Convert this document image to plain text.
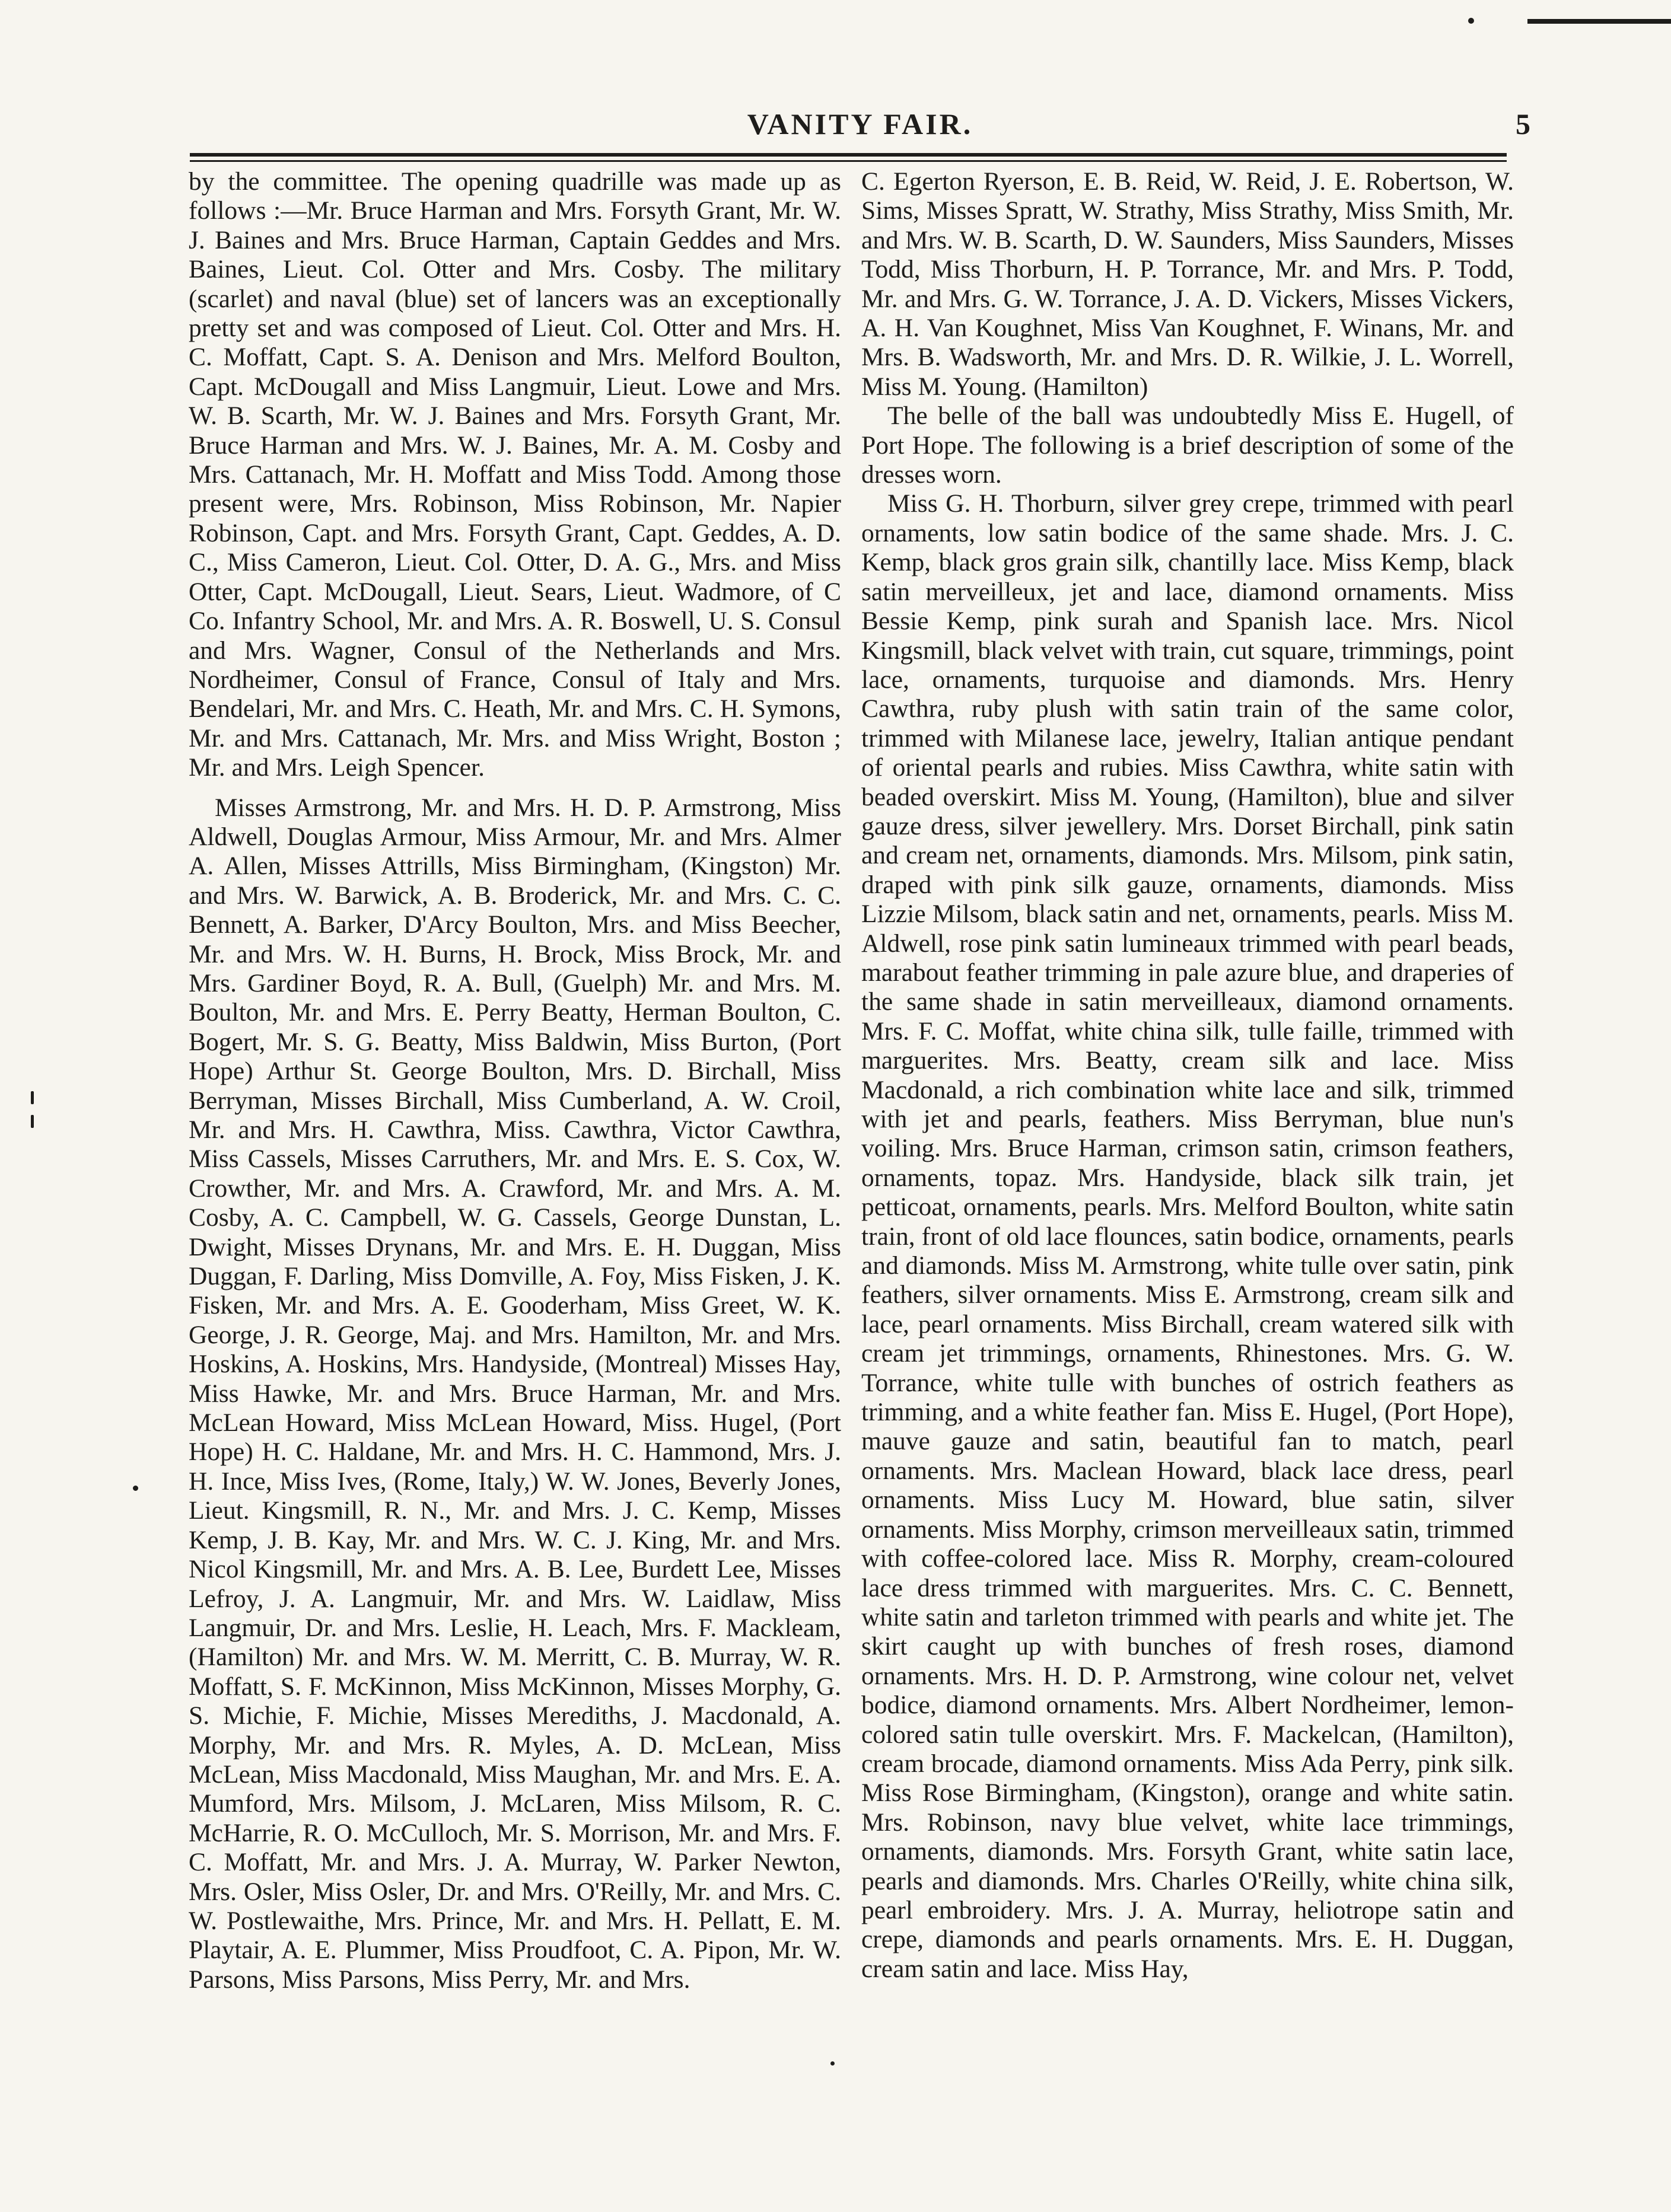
VANITY FAIR.	5

by the committee. The opening quadrille was made up as follows :—Mr. Bruce Harman and Mrs. Forsyth Grant, Mr. W. J. Baines and Mrs. Bruce Harman, Captain Geddes and Mrs. Baines, Lieut. Col. Otter and Mrs. Cosby. The military (scarlet) and naval (blue) set of lancers was an exceptionally pretty set and was composed of Lieut. Col. Otter and Mrs. H. C. Moffatt, Capt. S. A. Denison and Mrs. Melford Boulton, Capt. McDougall and Miss Langmuir, Lieut. Lowe and Mrs. W. B. Scarth, Mr. W. J. Baines and Mrs. Forsyth Grant, Mr. Bruce Harman and Mrs. W. J. Baines, Mr. A. M. Cosby and Mrs. Cattanach, Mr. H. Moffatt and Miss Todd. Among those present were, Mrs. Robinson, Miss Robinson, Mr. Napier Robinson, Capt. and Mrs. Forsyth Grant, Capt. Geddes, A. D. C., Miss Cameron, Lieut. Col. Otter, D. A. G., Mrs. and Miss Otter, Capt. McDougall, Lieut. Sears, Lieut. Wadmore, of C Co. Infantry School, Mr. and Mrs. A. R. Boswell, U. S. Consul and Mrs. Wagner, Consul of the Netherlands and Mrs. Nordheimer, Consul of France, Consul of Italy and Mrs. Bendelari, Mr. and Mrs. C. Heath, Mr. and Mrs. C. H. Symons, Mr. and Mrs. Cattanach, Mr. Mrs. and Miss Wright, Boston ; Mr. and Mrs. Leigh Spencer.

Misses Armstrong, Mr. and Mrs. H. D. P. Armstrong, Miss Aldwell, Douglas Armour, Miss Armour, Mr. and Mrs. Almer A. Allen, Misses Attrills, Miss Birmingham, (Kingston) Mr. and Mrs. W. Barwick, A. B. Broderick, Mr. and Mrs. C. C. Bennett, A. Barker, D'Arcy Boulton, Mrs. and Miss Beecher, Mr. and Mrs. W. H. Burns, H. Brock, Miss Brock, Mr. and Mrs. Gardiner Boyd, R. A. Bull, (Guelph) Mr. and Mrs. M. Boulton, Mr. and Mrs. E. Perry Beatty, Herman Boulton, C. Bogert, Mr. S. G. Beatty, Miss Baldwin, Miss Burton, (Port Hope) Arthur St. George Boulton, Mrs. D. Birchall, Miss Berryman, Misses Birchall, Miss Cumberland, A. W. Croil, Mr. and Mrs. H. Cawthra, Miss. Cawthra, Victor Cawthra, Miss Cassels, Misses Carruthers, Mr. and Mrs. E. S. Cox, W. Crowther, Mr. and Mrs. A. Crawford, Mr. and Mrs. A. M. Cosby, A. C. Campbell, W. G. Cassels, George Dunstan, L. Dwight, Misses Drynans, Mr. and Mrs. E. H. Duggan, Miss Duggan, F. Darling, Miss Domville, A. Foy, Miss Fisken, J. K. Fisken, Mr. and Mrs. A. E. Gooderham, Miss Greet, W. K. George, J. R. George, Maj. and Mrs. Hamilton, Mr. and Mrs. Hoskins, A. Hoskins, Mrs. Handyside, (Montreal) Misses Hay, Miss Hawke, Mr. and Mrs. Bruce Harman, Mr. and Mrs. McLean Howard, Miss McLean Howard, Miss. Hugel, (Port Hope) H. C. Haldane, Mr. and Mrs. H. C. Hammond, Mrs. J. H. Ince, Miss Ives, (Rome, Italy,) W. W. Jones, Beverly Jones, Lieut. Kingsmill, R. N., Mr. and Mrs. J. C. Kemp, Misses Kemp, J. B. Kay, Mr. and Mrs. W. C. J. King, Mr. and Mrs. Nicol Kingsmill, Mr. and Mrs. A. B. Lee, Burdett Lee, Misses Lefroy, J. A. Langmuir, Mr. and Mrs. W. Laidlaw, Miss Langmuir, Dr. and Mrs. Leslie, H. Leach, Mrs. F. Mackleam, (Hamilton) Mr. and Mrs. W. M. Merritt, C. B. Murray, W. R. Moffatt, S. F. McKinnon, Miss McKinnon, Misses Morphy, G. S. Michie, F. Michie, Misses Merediths, J. Macdonald, A. Morphy, Mr. and Mrs. R. Myles, A. D. McLean, Miss McLean, Miss Macdonald, Miss Maughan, Mr. and Mrs. E. A. Mumford, Mrs. Milsom, J. McLaren, Miss Milsom, R. C. McHarrie, R. O. McCulloch, Mr. S. Morrison, Mr. and Mrs. F. C. Moffatt, Mr. and Mrs. J. A. Murray, W. Parker Newton, Mrs. Osler, Miss Osler, Dr. and Mrs. O'Reilly, Mr. and Mrs. C. W. Postlewaithe, Mrs. Prince, Mr. and Mrs. H. Pellatt, E. M. Playtair, A. E. Plummer, Miss Proudfoot, C. A. Pipon, Mr. W. Parsons, Miss Parsons, Miss Perry, Mr. and Mrs.

C. Egerton Ryerson, E. B. Reid, W. Reid, J. E. Robertson, W. Sims, Misses Spratt, W. Strathy, Miss Strathy, Miss Smith, Mr. and Mrs. W. B. Scarth, D. W. Saunders, Miss Saunders, Misses Todd, Miss Thorburn, H. P. Torrance, Mr. and Mrs. P. Todd, Mr. and Mrs. G. W. Torrance, J. A. D. Vickers, Misses Vickers, A. H. Van Koughnet, Miss Van Koughnet, F. Winans, Mr. and Mrs. B. Wadsworth, Mr. and Mrs. D. R. Wilkie, J. L. Worrell, Miss M. Young. (Hamilton)

The belle of the ball was undoubtedly Miss E. Hugell, of Port Hope. The following is a brief description of some of the dresses worn.

Miss G. H. Thorburn, silver grey crepe, trimmed with pearl ornaments, low satin bodice of the same shade. Mrs. J. C. Kemp, black gros grain silk, chantilly lace. Miss Kemp, black satin merveilleux, jet and lace, diamond ornaments. Miss Bessie Kemp, pink surah and Spanish lace. Mrs. Nicol Kingsmill, black velvet with train, cut square, trimmings, point lace, ornaments, turquoise and diamonds. Mrs. Henry Cawthra, ruby plush with satin train of the same color, trimmed with Milanese lace, jewelry, Italian antique pendant of oriental pearls and rubies. Miss Cawthra, white satin with beaded overskirt. Miss M. Young, (Hamilton), blue and silver gauze dress, silver jewellery. Mrs. Dorset Birchall, pink satin and cream net, ornaments, diamonds. Mrs. Milsom, pink satin, draped with pink silk gauze, ornaments, diamonds. Miss Lizzie Milsom, black satin and net, ornaments, pearls. Miss M. Aldwell, rose pink satin lumineaux trimmed with pearl beads, marabout feather trimming in pale azure blue, and draperies of the same shade in satin merveilleaux, diamond ornaments. Mrs. F. C. Moffat, white china silk, tulle faille, trimmed with marguerites. Mrs. Beatty, cream silk and lace. Miss Macdonald, a rich combination white lace and silk, trimmed with jet and pearls, feathers. Miss Berryman, blue nun's voiling. Mrs. Bruce Harman, crimson satin, crimson feathers, ornaments, topaz. Mrs. Handyside, black silk train, jet petticoat, ornaments, pearls. Mrs. Melford Boulton, white satin train, front of old lace flounces, satin bodice, ornaments, pearls and diamonds. Miss M. Armstrong, white tulle over satin, pink feathers, silver ornaments. Miss E. Armstrong, cream silk and lace, pearl ornaments. Miss Birchall, cream watered silk with cream jet trimmings, ornaments, Rhinestones. Mrs. G. W. Torrance, white tulle with bunches of ostrich feathers as trimming, and a white feather fan. Miss E. Hugel, (Port Hope), mauve gauze and satin, beautiful fan to match, pearl ornaments. Mrs. Maclean Howard, black lace dress, pearl ornaments. Miss Lucy M. Howard, blue satin, silver ornaments. Miss Morphy, crimson merveilleaux satin, trimmed with coffee-colored lace. Miss R. Morphy, cream-coloured lace dress trimmed with marguerites. Mrs. C. C. Bennett, white satin and tarleton trimmed with pearls and white jet. The skirt caught up with bunches of fresh roses, diamond ornaments. Mrs. H. D. P. Armstrong, wine colour net, velvet bodice, diamond ornaments. Mrs. Albert Nordheimer, lemon-colored satin tulle overskirt. Mrs. F. Mackelcan, (Hamilton), cream brocade, diamond ornaments. Miss Ada Perry, pink silk. Miss Rose Birmingham, (Kingston), orange and white satin. Mrs. Robinson, navy blue velvet, white lace trimmings, ornaments, diamonds. Mrs. Forsyth Grant, white satin lace, pearls and diamonds. Mrs. Charles O'Reilly, white china silk, pearl embroidery. Mrs. J. A. Murray, heliotrope satin and crepe, diamonds and pearls ornaments. Mrs. E. H. Duggan, cream satin and lace. Miss Hay,
